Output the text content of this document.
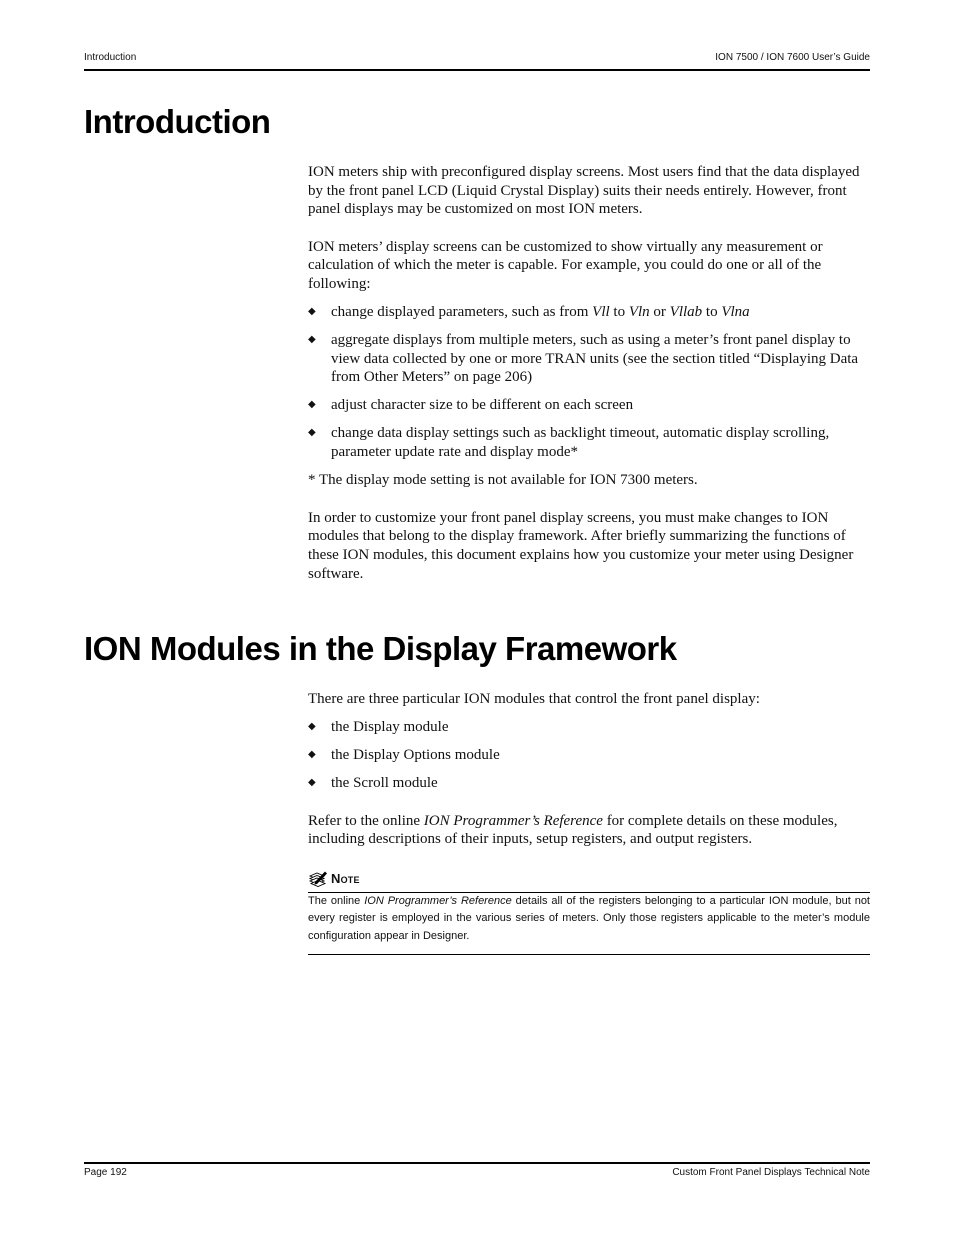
Introduction	ION 7500 / ION 7600 User’s Guide
Introduction

ION meters ship with preconfigured display screens. Most users find that the data displayed by the front panel LCD (Liquid Crystal Display) suits their needs entirely. However, front panel displays may be customized on most ION meters.

ION meters’ display screens can be customized to show virtually any measurement or calculation of which the meter is capable. For example, you could do one or all of the following:

◆ change displayed parameters, such as from Vll to Vln or Vllab to Vlna
◆ aggregate displays from multiple meters, such as using a meter’s front panel display to view data collected by one or more TRAN units (see the section titled “Displaying Data from Other Meters” on page 206)
◆ adjust character size to be different on each screen
◆ change data display settings such as backlight timeout, automatic display scrolling, parameter update rate and display mode*

* The display mode setting is not available for ION 7300 meters.

In order to customize your front panel display screens, you must make changes to ION modules that belong to the display framework. After briefly summarizing the functions of these ION modules, this document explains how you customize your meter using Designer software.

ION Modules in the Display Framework

There are three particular ION modules that control the front panel display:

◆ the Display module
◆ the Display Options module
◆ the Scroll module

Refer to the online ION Programmer’s Reference for complete details on these modules, including descriptions of their inputs, setup registers, and output registers.

Note

The online ION Programmer’s Reference details all of the registers belonging to a particular ION module, but not every register is employed in the various series of meters. Only those registers applicable to the meter’s module configuration appear in Designer.

Page 192	Custom Front Panel Displays Technical Note
